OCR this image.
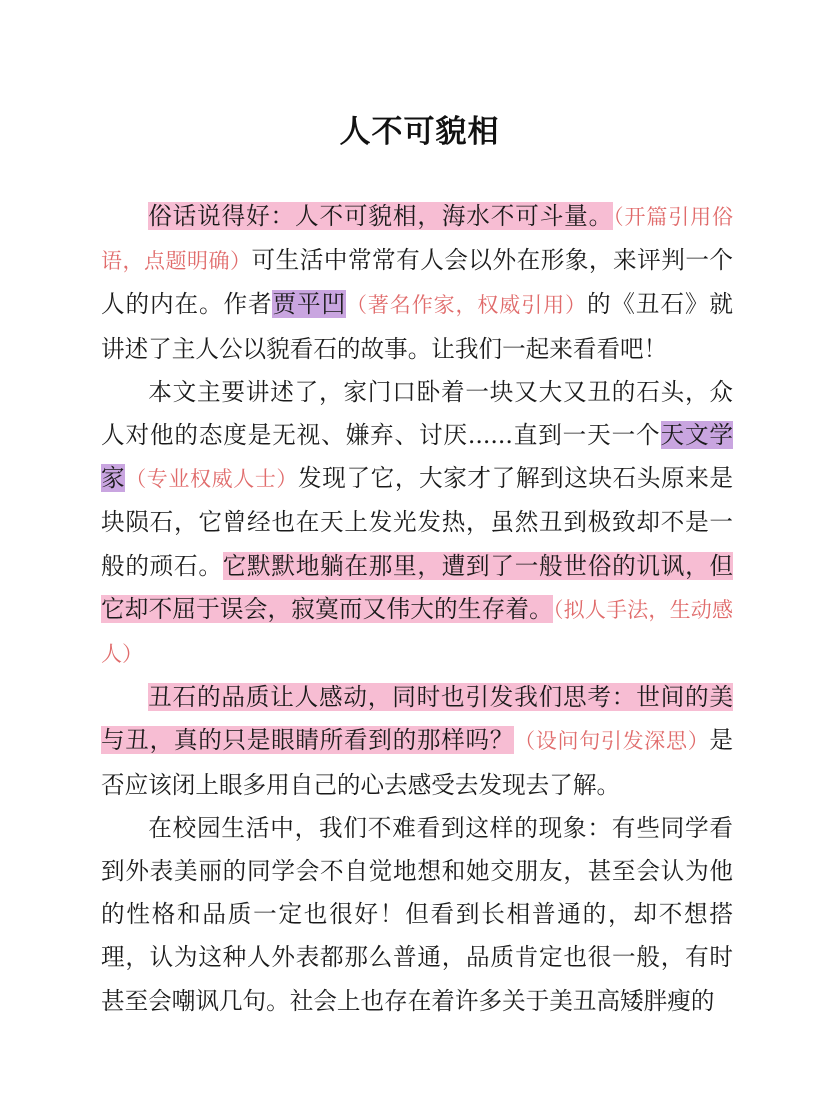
人不可貌相

俗话说得好：人不可貌相，海水不可斗量。（开篇引用俗语，点题明确）可生活中常常有人会以外在形象，来评判一个人的内在。作者贾平凹（著名作家，权威引用）的《丑石》就讲述了主人公以貌看石的故事。让我们一起来看看吧！

本文主要讲述了，家门口卧着一块又大又丑的石头，众人对他的态度是无视、嫌弃、讨厌......直到一天一个天文学家（专业权威人士）发现了它，大家才了解到这块石头原来是块陨石，它曾经也在天上发光发热，虽然丑到极致却不是一般的顽石。它默默地躺在那里，遭到了一般世俗的讥讽，但它却不屈于误会，寂寞而又伟大的生存着。（拟人手法，生动感人）

丑石的品质让人感动，同时也引发我们思考：世间的美与丑，真的只是眼睛所看到的那样吗？（设问句引发深思）是否应该闭上眼多用自己的心去感受去发现去了解。

在校园生活中，我们不难看到这样的现象：有些同学看到外表美丽的同学会不自觉地想和她交朋友，甚至会认为他的性格和品质一定也很好！但看到长相普通的，却不想搭理，认为这种人外表都那么普通，品质肯定也很一般，有时甚至会嘲讽几句。社会上也存在着许多关于美丑高矮胖瘦的
